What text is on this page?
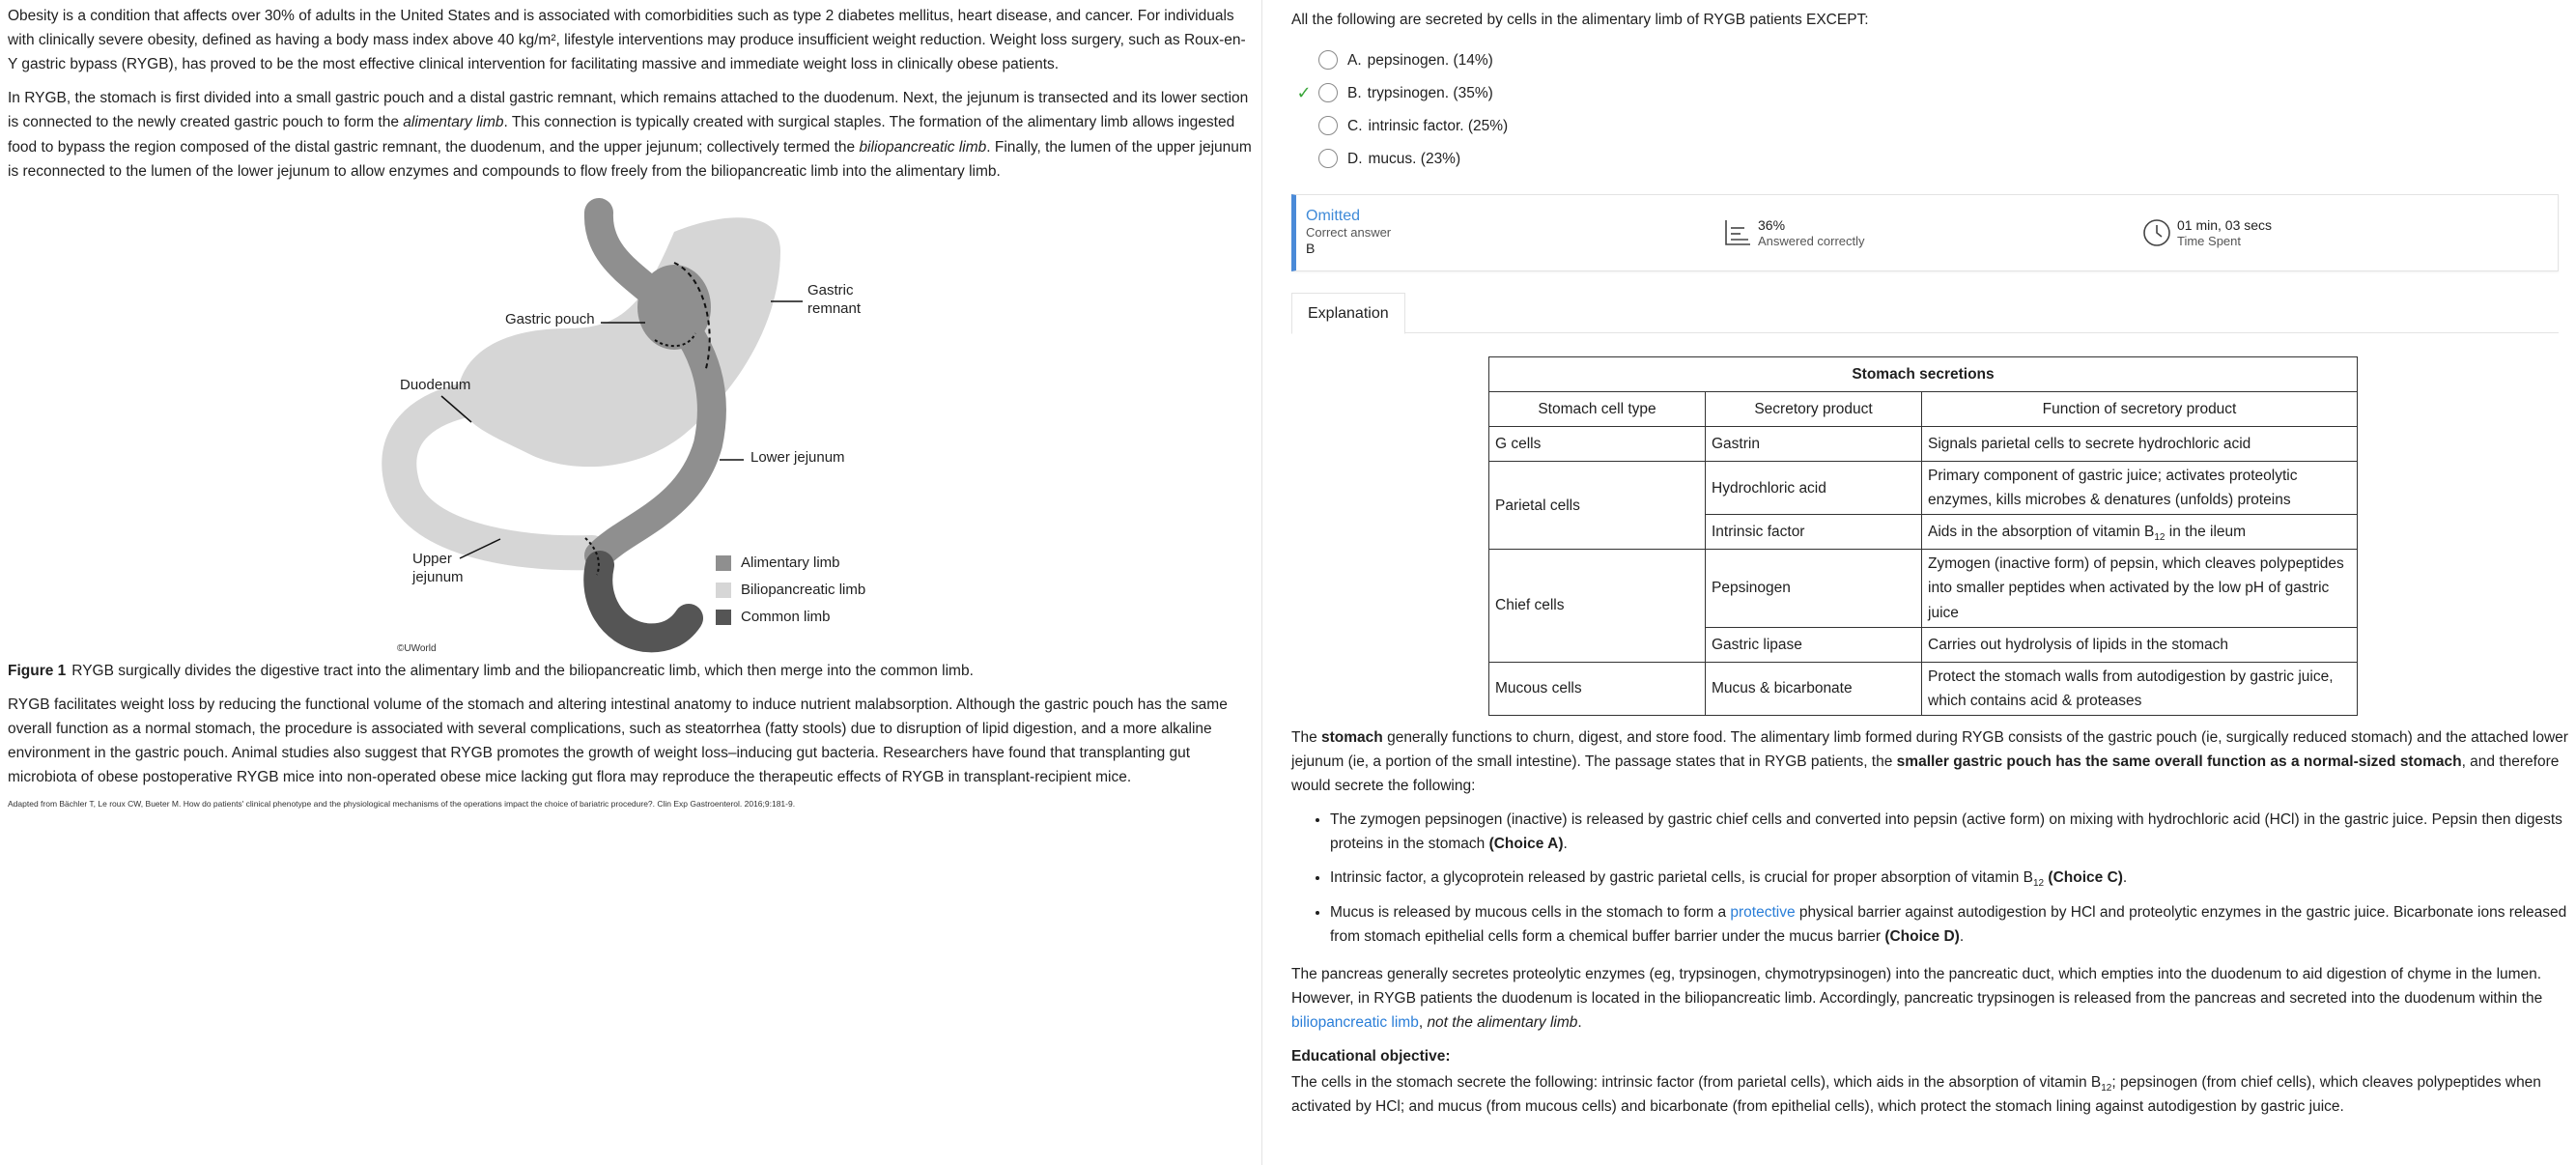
Obesity is a condition that affects over 30% of adults in the United States and is associated with comorbidities such as type 2 diabetes mellitus, heart disease, and cancer. For individuals with clinically severe obesity, defined as having a body mass index above 40 kg/m², lifestyle interventions may produce insufficient weight reduction. Weight loss surgery, such as Roux-en-Y gastric bypass (RYGB), has proved to be the most effective clinical intervention for facilitating massive and immediate weight loss in clinically obese patients.

In RYGB, the stomach is first divided into a small gastric pouch and a distal gastric remnant, which remains attached to the duodenum. Next, the jejunum is transected and its lower section is connected to the newly created gastric pouch to form the alimentary limb. This connection is typically created with surgical staples. The formation of the alimentary limb allows ingested food to bypass the region composed of the distal gastric remnant, the duodenum, and the upper jejunum; collectively termed the biliopancreatic limb. Finally, the lumen of the upper jejunum is reconnected to the lumen of the lower jejunum to allow enzymes and compounds to flow freely from the biliopancreatic limb into the alimentary limb.

Gastric pouch
Gastric remnant
Duodenum
Lower jejunum
Upper jejunum
Alimentary limb
Biliopancreatic limb
Common limb
©UWorld

Figure 1 RYGB surgically divides the digestive tract into the alimentary limb and the biliopancreatic limb, which then merge into the common limb.

RYGB facilitates weight loss by reducing the functional volume of the stomach and altering intestinal anatomy to induce nutrient malabsorption. Although the gastric pouch has the same overall function as a normal stomach, the procedure is associated with several complications, such as steatorrhea (fatty stools) due to disruption of lipid digestion, and a more alkaline environment in the gastric pouch. Animal studies also suggest that RYGB promotes the growth of weight loss–inducing gut bacteria. Researchers have found that transplanting gut microbiota of obese postoperative RYGB mice into non-operated obese mice lacking gut flora may reproduce the therapeutic effects of RYGB in transplant-recipient mice.

Adapted from Bächler T, Le roux CW, Bueter M. How do patients' clinical phenotype and the physiological mechanisms of the operations impact the choice of bariatric procedure?. Clin Exp Gastroenterol. 2016;9:181-9.
All the following are secreted by cells in the alimentary limb of RYGB patients EXCEPT:
A. pepsinogen.
(14%)
✓	B. trypsinogen.
(35%)
C. intrinsic factor.
(25%)
D. mucus.
(23%)
Omitted
Correct answer
B
36%
Answered correctly
01 min, 03 secs
Time Spent
Explanation
Stomach secretions		
Stomach cell type	Secretory product	Function of secretory product
G cells	Gastrin	Signals parietal cells to secrete hydrochloric acid
Parietal cells	Hydrochloric acid	Primary component of gastric juice; activates proteolytic enzymes, kills microbes & denatures (unfolds) proteins
	Intrinsic factor	Aids in the absorption of vitamin $B_{12}$ in the ileum
Chief cells	Pepsinogen	Zymogen (inactive form) of pepsin, which cleaves polypeptides into smaller peptides when activated by the low pH of gastric juice
	Gastric lipase	Carries out hydrolysis of lipids in the stomach
Mucous cells	Mucus & bicarbonate	Protect the stomach walls from autodigestion by gastric juice, which contains acid & proteases

The stomach generally functions to churn, digest, and store food. The alimentary limb formed during RYGB consists of the gastric pouch (ie, surgically reduced stomach) and the attached lower jejunum (ie, a portion of the small intestine). The passage states that in RYGB patients, the smaller gastric pouch has the same overall function as a normal-sized stomach, and therefore would secrete the following:

• The zymogen pepsinogen (inactive) is released by gastric chief cells and converted into pepsin (active form) on mixing with hydrochloric acid (HCl) in the gastric juice. Pepsin then digests proteins in the stomach (Choice A).
• Intrinsic factor, a glycoprotein released by gastric parietal cells, is crucial for proper absorption of vitamin $B_{12}$ (Choice C).
• Mucus is released by mucous cells in the stomach to form a protective physical barrier against autodigestion by HCl and proteolytic enzymes in the gastric juice. Bicarbonate ions released from stomach epithelial cells form a chemical buffer barrier under the mucus barrier (Choice D).

The pancreas generally secretes proteolytic enzymes (eg, trypsinogen, chymotrypsinogen) into the pancreatic duct, which empties into the duodenum to aid digestion of chyme in the lumen. However, in RYGB patients the duodenum is located in the biliopancreatic limb. Accordingly, pancreatic trypsinogen is released from the pancreas and secreted into the duodenum within the biliopancreatic limb, not the alimentary limb.

Educational objective:

The cells in the stomach secrete the following: intrinsic factor (from parietal cells), which aids in the absorption of vitamin $B_{12}$; pepsinogen (from chief cells), which cleaves polypeptides when activated by HCl; and mucus (from mucous cells) and bicarbonate (from epithelial cells), which protect the stomach lining against autodigestion by gastric juice.
